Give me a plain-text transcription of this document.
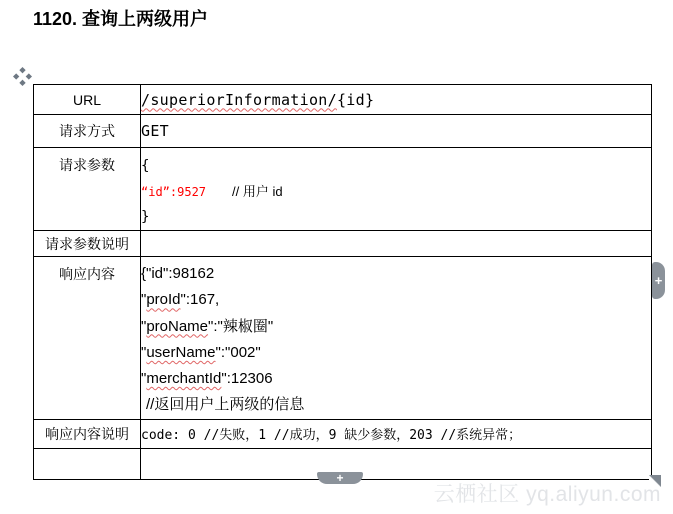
1120. 查询上两级用户
URL	/superiorInformation/{id}
请求方式	GET
请求参数	{
“id”:9527 // 用户 id
}

请求参数说明	
响应内容	{"id":98162
"proId":167,
"proName":"辣椒圈"
"userName":"002"
"merchantId":12306
//返回用户上两级的信息

响应内容说明	code: 0 //失败，1 //成功，9 缺少参数，203 //系统异常；

+
+
云栖社区 yq.aliyun.com
